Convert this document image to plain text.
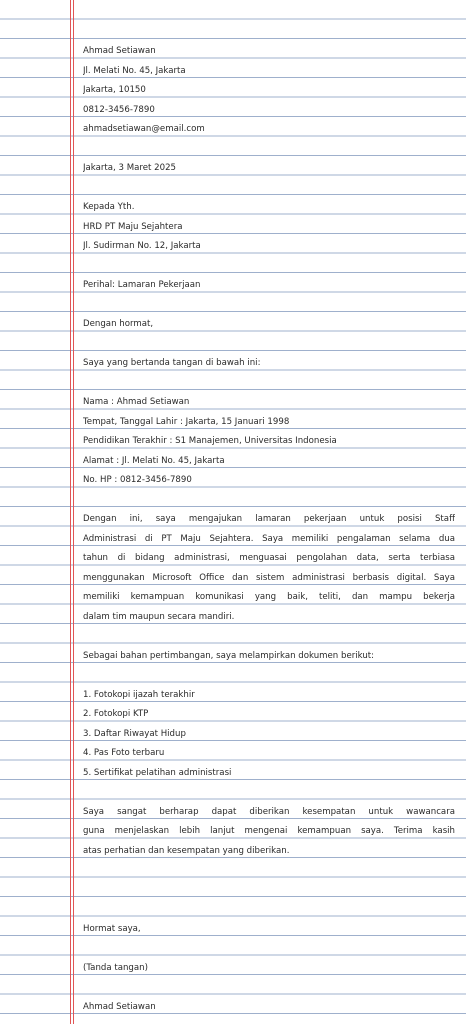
Ahmad Setiawan
Jl. Melati No. 45, Jakarta
Jakarta, 10150
0812-3456-7890
ahmadsetiawan@email.com
Jakarta, 3 Maret 2025
Kepada Yth.
HRD PT Maju Sejahtera
Jl. Sudirman No. 12, Jakarta
Perihal: Lamaran Pekerjaan
Dengan hormat,
Saya yang bertanda tangan di bawah ini:
Nama : Ahmad Setiawan
Tempat, Tanggal Lahir : Jakarta, 15 Januari 1998
Pendidikan Terakhir : S1 Manajemen, Universitas Indonesia
Alamat : Jl. Melati No. 45, Jakarta
No. HP : 0812-3456-7890
Dengan ini, saya mengajukan lamaran pekerjaan untuk posisi Staff
Administrasi di PT Maju Sejahtera. Saya memiliki pengalaman selama dua
tahun di bidang administrasi, menguasai pengolahan data, serta terbiasa
menggunakan Microsoft Office dan sistem administrasi berbasis digital. Saya
memiliki kemampuan komunikasi yang baik, teliti, dan mampu bekerja
dalam tim maupun secara mandiri.
Sebagai bahan pertimbangan, saya melampirkan dokumen berikut:
1. Fotokopi ijazah terakhir
2. Fotokopi KTP
3. Daftar Riwayat Hidup
4. Pas Foto terbaru
5. Sertifikat pelatihan administrasi
Saya sangat berharap dapat diberikan kesempatan untuk wawancara
guna menjelaskan lebih lanjut mengenai kemampuan saya. Terima kasih
atas perhatian dan kesempatan yang diberikan.
Hormat saya,
(Tanda tangan)
Ahmad Setiawan
